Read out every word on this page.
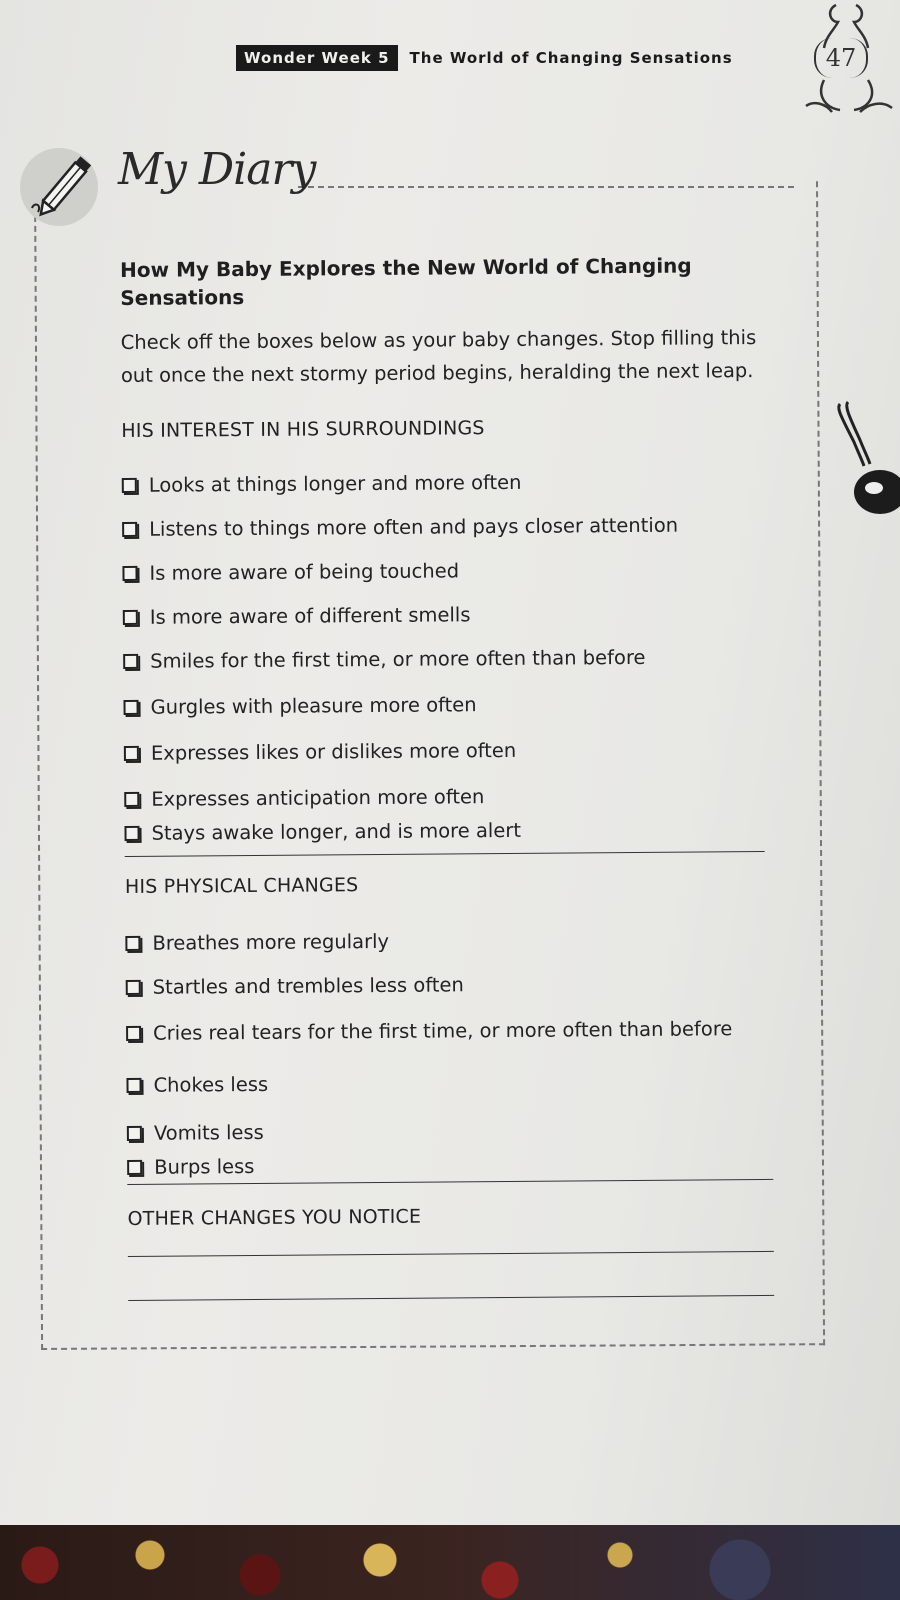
Wonder Week 5	The World of Changing Sensations	47
My Diary

How My Baby Explores the New World of Changing Sensations

Check off the boxes below as your baby changes. Stop filling this out once the next stormy period begins, heralding the next leap.

HIS INTEREST IN HIS SURROUNDINGS

Looks at things longer and more often
Listens to things more often and pays closer attention
Is more aware of being touched
Is more aware of different smells
Smiles for the first time, or more often than before
Gurgles with pleasure more often
Expresses likes or dislikes more often
Expresses anticipation more often
Stays awake longer, and is more alert

HIS PHYSICAL CHANGES

Breathes more regularly
Startles and trembles less often
Cries real tears for the first time, or more often than before
Chokes less
Vomits less
Burps less

OTHER CHANGES YOU NOTICE
